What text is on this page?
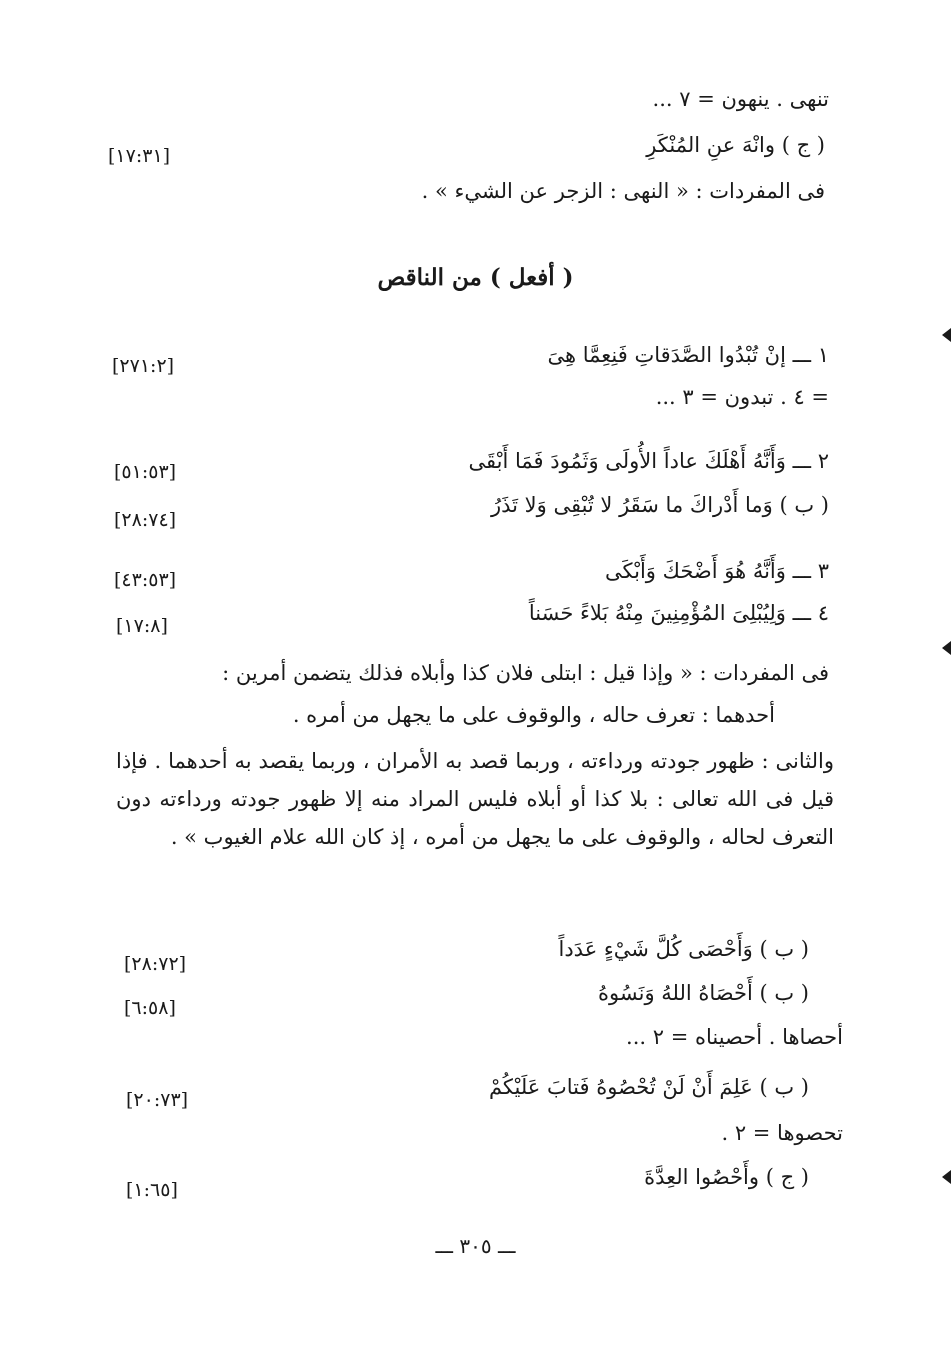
تنهى . ينهون = ٧ ...
( ج ) وانْهَ عنِ المُنْكَرِ
[١٧:٣١]
فى المفردات : « النهى : الزجر عن الشيء » .
( أفعل ) من الناقص
١ ـــ إنْ تُبْدُوا الصَّدَقاتِ فَنِعِمَّا هِىَ
[٢٧١:٢]
= ٤ . تبدون = ٣ ...
٢ ـــ وَأَنَّهُ أَهْلَكَ عاداً الأُولَى وَثَمُودَ فَمَا أَبْقَى
[٥١:٥٣]
( ب ) وَما أَدْراكَ ما سَقَرُ لا تُبْقِى وَلا تَذَرُ
[٢٨:٧٤]
٣ ـــ وَأَنَّهُ هُوَ أَضْحَكَ وَأَبْكَى
[٤٣:٥٣]
٤ ـــ وَلِيُبْلِىَ المُؤْمِنِينَ مِنْهُ بَلاءً حَسَناً
[١٧:٨]
فى المفردات : « وإذا قيل : ابتلى فلان كذا وأبلاه فذلك يتضمن أمرين :
أحدهما : تعرف حاله ، والوقوف على ما يجهل من أمره .
والثانى : ظهور جودته ورداءته ، وربما قصد به الأمران ، وربما يقصد به أحدهما . فإذا قيل فى الله تعالى : بلا كذا أو أبلاه فليس المراد منه إلا ظهور جودته ورداءته دون التعرف لحاله ، والوقوف على ما يجهل من أمره ، إذ كان الله علام الغيوب » .
( ب ) وَأَحْصَى كُلَّ شَيْءٍ عَدَداً
[٢٨:٧٢]
( ب ) أَحْصَاهُ اللهُ وَنَسُوهُ
[٦:٥٨]
أحصاها . أحصيناه = ٢ ...
( ب ) عَلِمَ أَنْ لَنْ تُحْصُوهُ فَتابَ عَلَيْكُمْ
[٢٠:٧٣]
تحصوها = ٢ .
( ج ) وأَحْصُوا العِدَّةَ
[١:٦٥]
ـــ ٣٠٥ ـــ
